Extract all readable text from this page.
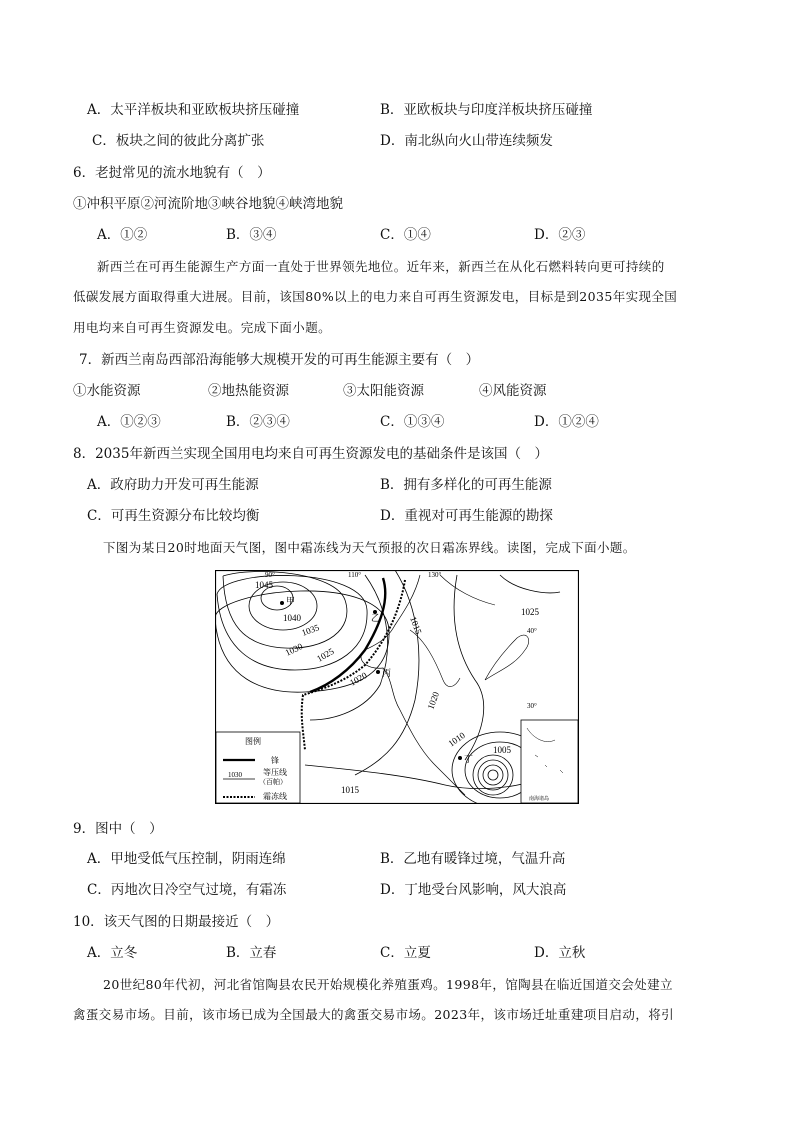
A．太平洋板块和亚欧板块挤压碰撞	B．亚欧板块与印度洋板块挤压碰撞
C．板块之间的彼此分离扩张	D．南北纵向火山带连续频发
6．老挝常见的流水地貌有（　）
①冲积平原②河流阶地③峡谷地貌④峡湾地貌
A．①②	B．③④	C．①④	D．②③
新西兰在可再生能源生产方面一直处于世界领先地位。近年来，新西兰在从化石燃料转向更可持续的
低碳发展方面取得重大进展。目前，该国80%以上的电力来自可再生资源发电，目标是到2035年实现全国
用电均来自可再生资源发电。完成下面小题。
7．新西兰南岛西部沿海能够大规模开发的可再生能源主要有（　）
①水能资源	②地热能资源	③太阳能资源	④风能资源
A．①②③	B．②③④	C．①③④	D．①②④
8．2035年新西兰实现全国用电均来自可再生资源发电的基础条件是该国（　）
A．政府助力开发可再生能源	B．拥有多样化的可再生能源
C．可再生资源分布比较均衡	D．重视对可再生能源的勘探
下图为某日20时地面天气图，图中霜冻线为天气预报的次日霜冻界线。读图，完成下面小题。
90°	110°	130°
40°
30°
1045
1040
1035
1030 1025
1020
1015
1025
1020
1015
1010
1005
甲
乙
丙
丁
图例
锋
等压线
（百帕）
1030
霜冻线	南海诸岛
9．图中（　）
A．甲地受低气压控制，阴雨连绵	B．乙地有暖锋过境，气温升高
C．丙地次日冷空气过境，有霜冻	D．丁地受台风影响，风大浪高
10．该天气图的日期最接近（　）
A．立冬	B．立春	C．立夏	D．立秋
20世纪80年代初，河北省馆陶县农民开始规模化养殖蛋鸡。1998年，馆陶县在临近国道交会处建立
禽蛋交易市场。目前，该市场已成为全国最大的禽蛋交易市场。2023年，该市场迁址重建项目启动，将引
